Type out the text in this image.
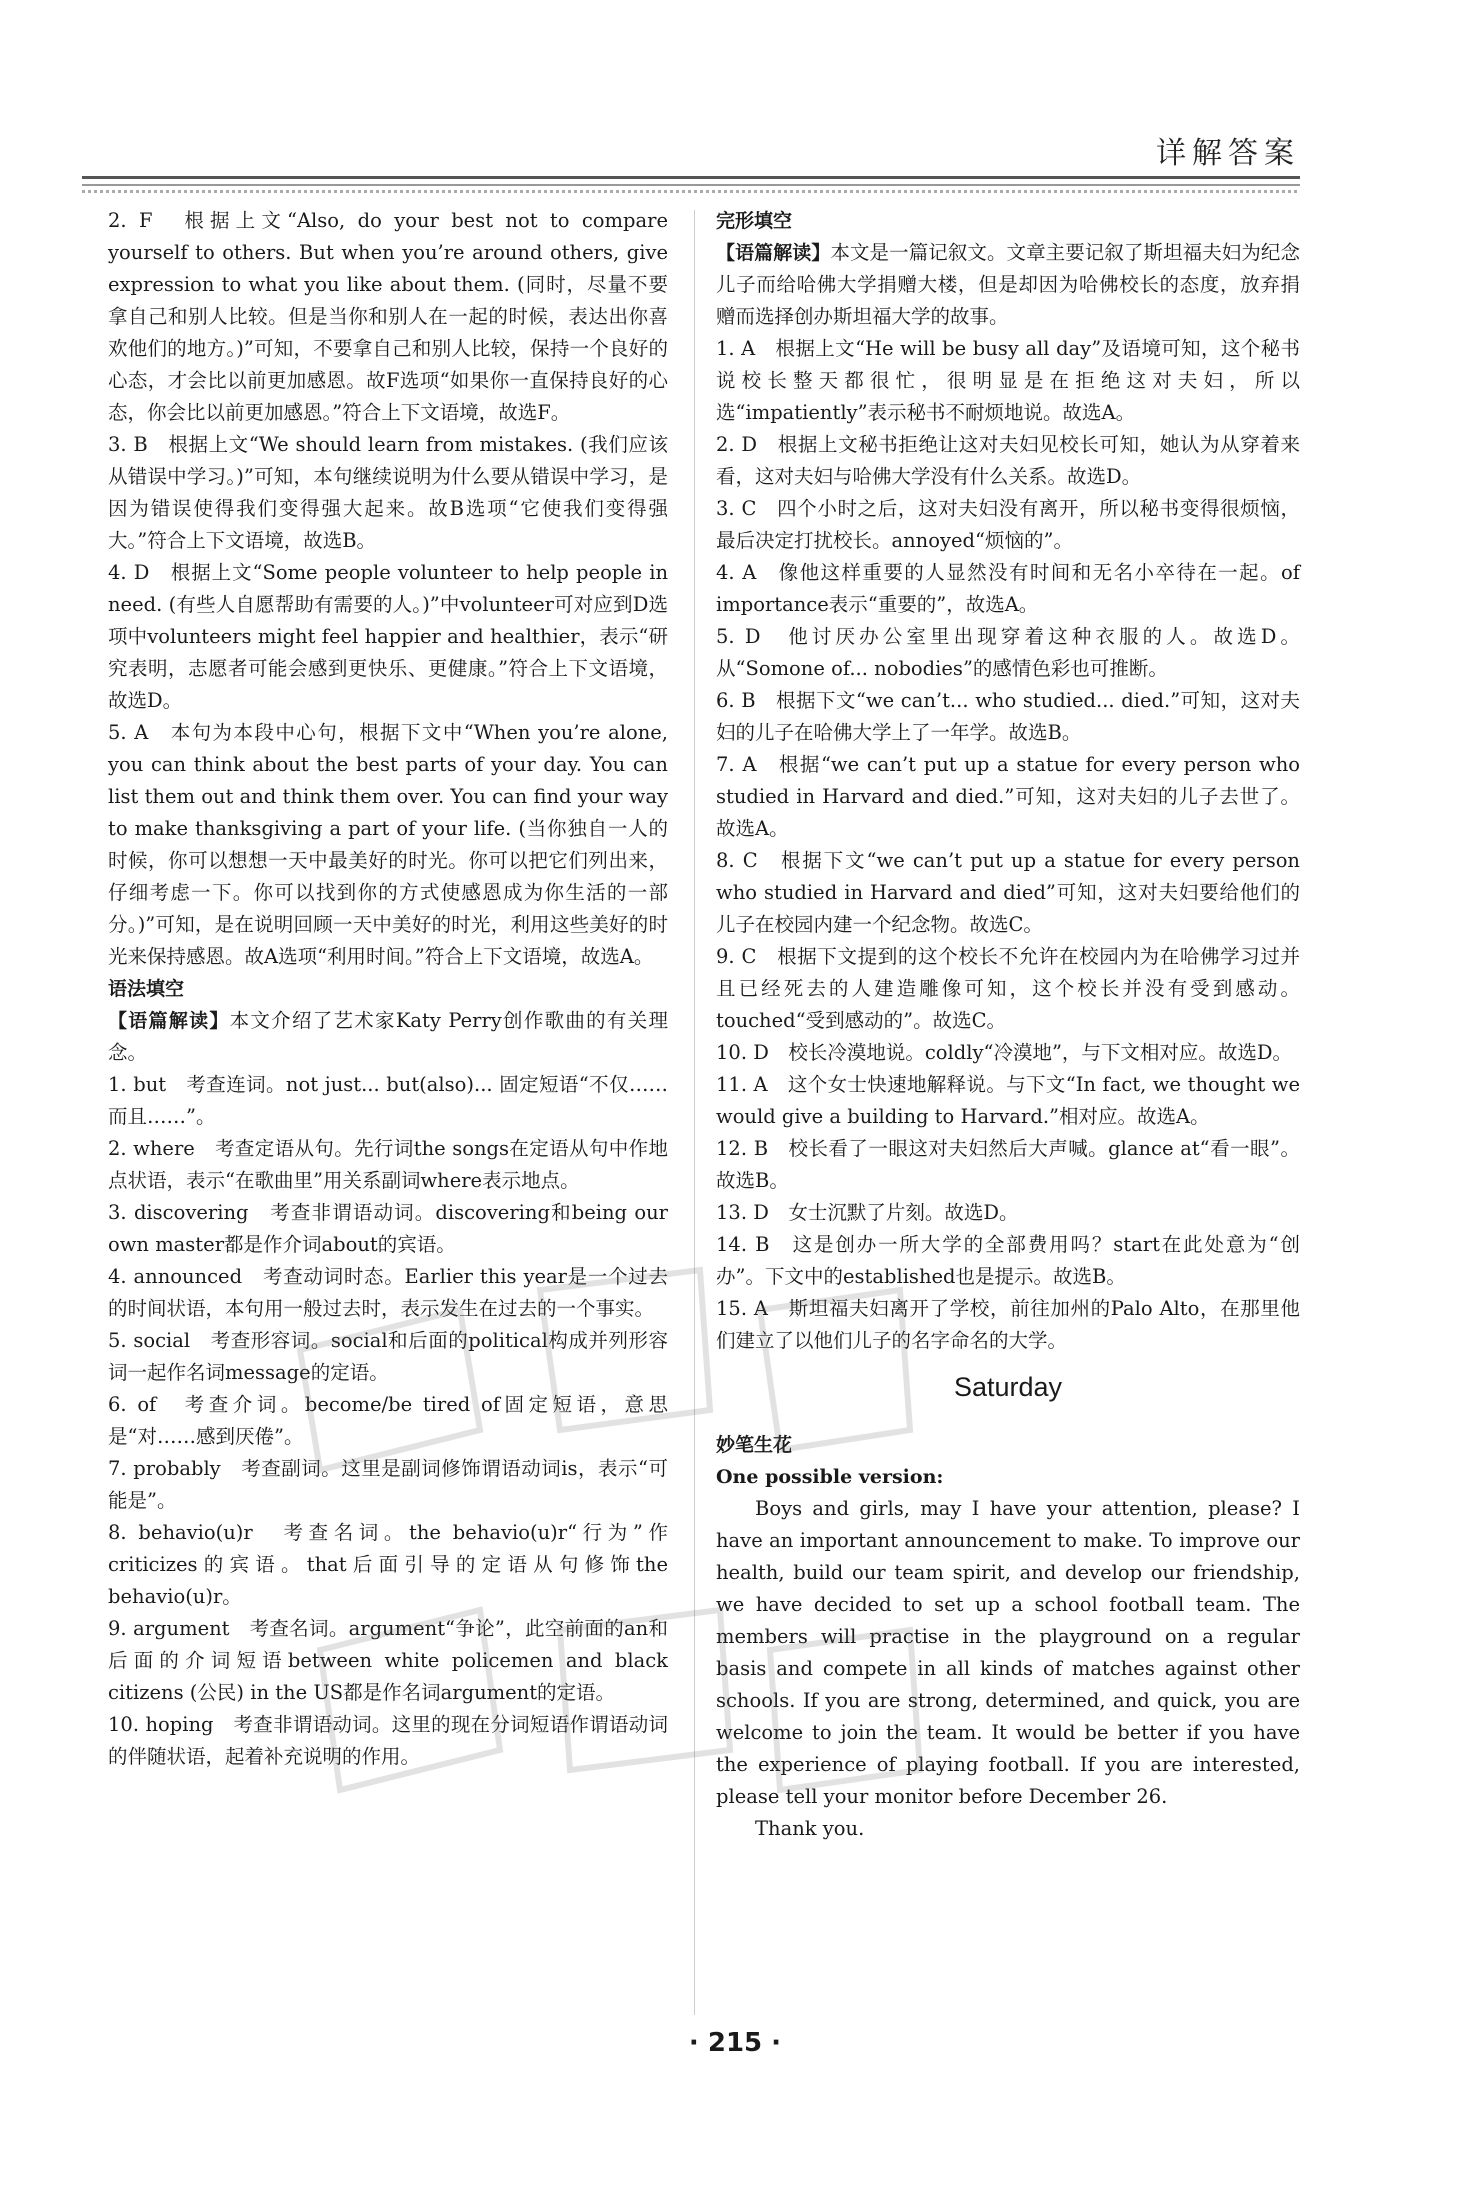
详解答案

2. F　根据上文“Also, do your best not to compare yourself to others. But when you’re around others, give expression to what you like about them. (同时，尽量不要拿自己和别人比较。但是当你和别人在一起的时候，表达出你喜欢他们的地方。)”可知，不要拿自己和别人比较，保持一个良好的心态，才会比以前更加感恩。故F选项“如果你一直保持良好的心态，你会比以前更加感恩。”符合上下文语境，故选F。

3. B　根据上文“We should learn from mistakes. (我们应该从错误中学习。)”可知，本句继续说明为什么要从错误中学习，是因为错误使得我们变得强大起来。故B选项“它使我们变得强大。”符合上下文语境，故选B。

4. D　根据上文“Some people volunteer to help people in need. (有些人自愿帮助有需要的人。)”中volunteer可对应到D选项中volunteers might feel happier and healthier，表示“研究表明，志愿者可能会感到更快乐、更健康。”符合上下文语境，故选D。

5. A　本句为本段中心句，根据下文中“When you’re alone, you can think about the best parts of your day. You can list them out and think them over. You can find your way to make thanksgiving a part of your life. (当你独自一人的时候，你可以想想一天中最美好的时光。你可以把它们列出来，仔细考虑一下。你可以找到你的方式使感恩成为你生活的一部分。)”可知，是在说明回顾一天中美好的时光，利用这些美好的时光来保持感恩。故A选项“利用时间。”符合上下文语境，故选A。

语法填空

【语篇解读】本文介绍了艺术家Katy Perry创作歌曲的有关理念。

1. but　考查连词。not just... but(also)... 固定短语“不仅……而且……”。

2. where　考查定语从句。先行词the songs在定语从句中作地点状语，表示“在歌曲里”用关系副词where表示地点。

3. discovering　考查非谓语动词。discovering和being our own master都是作介词about的宾语。

4. announced　考查动词时态。Earlier this year是一个过去的时间状语，本句用一般过去时，表示发生在过去的一个事实。

5. social　考查形容词。social和后面的political构成并列形容词一起作名词message的定语。

6. of　考查介词。become/be tired of固定短语，意思是“对……感到厌倦”。

7. probably　考查副词。这里是副词修饰谓语动词is，表示“可能是”。

8. behavio(u)r　考查名词。the behavio(u)r“行为”作criticizes的宾语。that后面引导的定语从句修饰the behavio(u)r。

9. argument　考查名词。argument“争论”，此空前面的an和后面的介词短语between white policemen and black citizens (公民) in the US都是作名词argument的定语。

10. hoping　考查非谓语动词。这里的现在分词短语作谓语动词的伴随状语，起着补充说明的作用。

完形填空

【语篇解读】本文是一篇记叙文。文章主要记叙了斯坦福夫妇为纪念儿子而给哈佛大学捐赠大楼，但是却因为哈佛校长的态度，放弃捐赠而选择创办斯坦福大学的故事。

1. A　根据上文“He will be busy all day”及语境可知，这个秘书说校长整天都很忙，很明显是在拒绝这对夫妇，所以选“impatiently”表示秘书不耐烦地说。故选A。

2. D　根据上文秘书拒绝让这对夫妇见校长可知，她认为从穿着来看，这对夫妇与哈佛大学没有什么关系。故选D。

3. C　四个小时之后，这对夫妇没有离开，所以秘书变得很烦恼，最后决定打扰校长。annoyed“烦恼的”。

4. A　像他这样重要的人显然没有时间和无名小卒待在一起。of importance表示“重要的”，故选A。

5. D　他讨厌办公室里出现穿着这种衣服的人。故选D。从“Somone of... nobodies”的感情色彩也可推断。

6. B　根据下文“we can’t... who studied... died.”可知，这对夫妇的儿子在哈佛大学上了一年学。故选B。

7. A　根据“we can’t put up a statue for every person who studied in Harvard and died.”可知，这对夫妇的儿子去世了。故选A。

8. C　根据下文“we can’t put up a statue for every person who studied in Harvard and died”可知，这对夫妇要给他们的儿子在校园内建一个纪念物。故选C。

9. C　根据下文提到的这个校长不允许在校园内为在哈佛学习过并且已经死去的人建造雕像可知，这个校长并没有受到感动。touched“受到感动的”。故选C。

10. D　校长冷漠地说。coldly“冷漠地”，与下文相对应。故选D。

11. A　这个女士快速地解释说。与下文“In fact, we thought we would give a building to Harvard.”相对应。故选A。

12. B　校长看了一眼这对夫妇然后大声喊。glance at“看一眼”。故选B。

13. D　女士沉默了片刻。故选D。

14. B　这是创办一所大学的全部费用吗？start在此处意为“创办”。下文中的established也是提示。故选B。

15. A　斯坦福夫妇离开了学校，前往加州的Palo Alto，在那里他们建立了以他们儿子的名字命名的大学。

Saturday

妙笔生花

One possible version:

Boys and girls, may I have your attention, please? I have an important announcement to make. To improve our health, build our team spirit, and develop our friendship, we have decided to set up a school football team. The members will practise in the playground on a regular basis and compete in all kinds of matches against other schools. If you are strong, determined, and quick, you are welcome to join the team. It would be better if you have the experience of playing football. If you are interested, please tell your monitor before December 26.

Thank you.

· 215 ·
